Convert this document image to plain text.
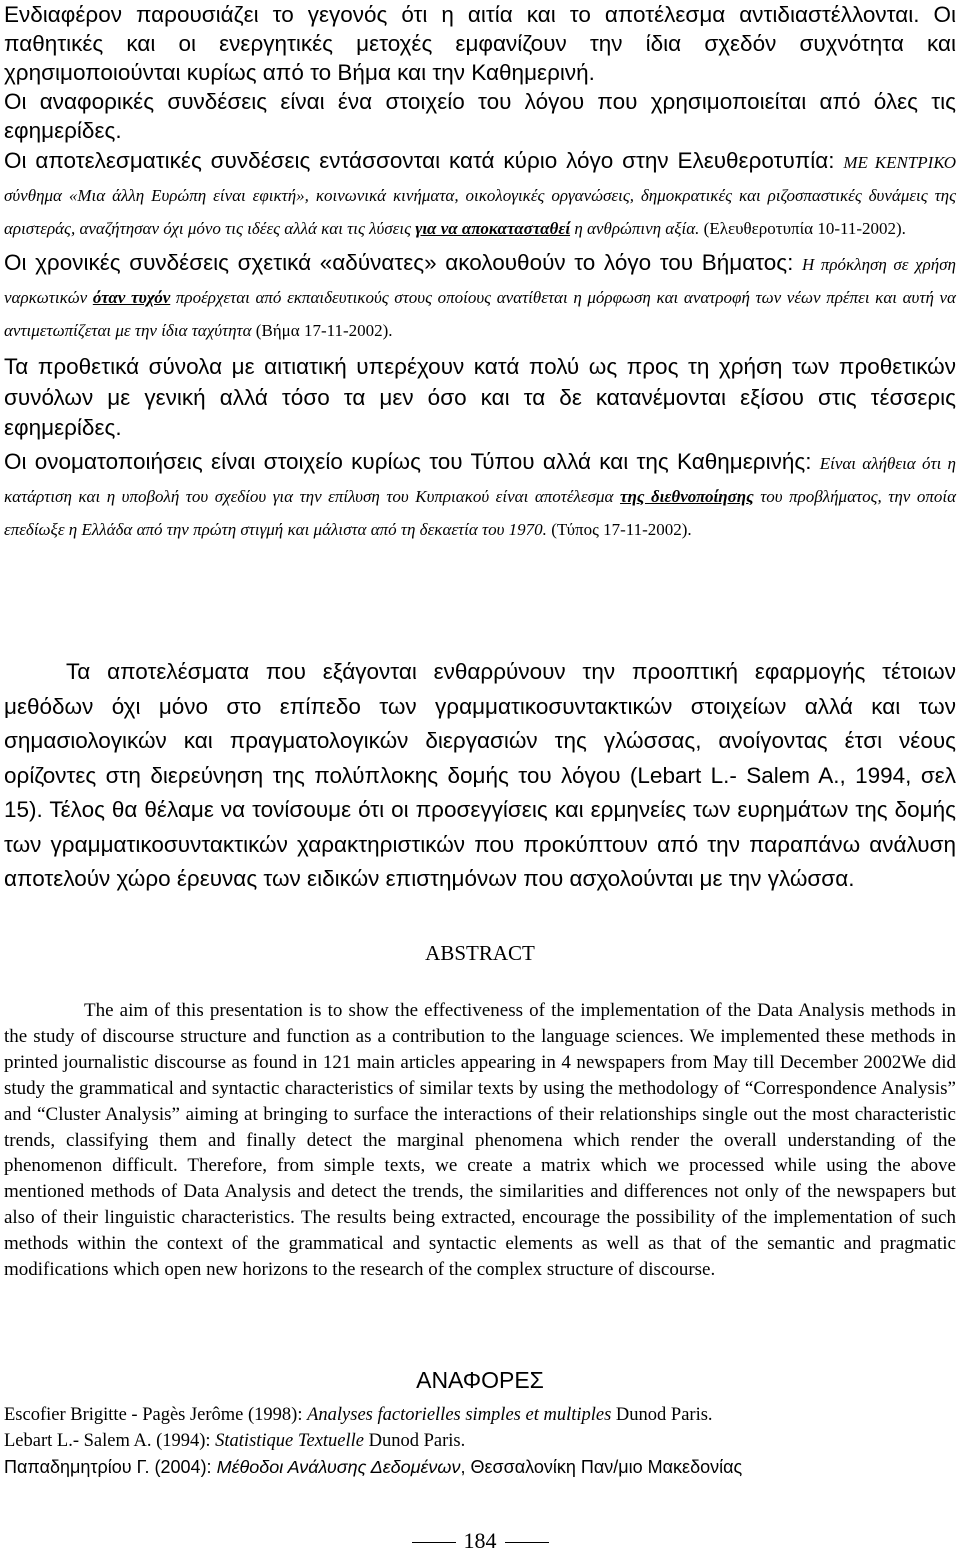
Ενδιαφέρον παρουσιάζει το γεγονός ότι η αιτία και το αποτέλεσμα αντιδιαστέλλονται. Οι παθητικές και οι ενεργητικές μετοχές εμφανίζουν την ίδια σχεδόν συχνότητα και χρησιμοποιούνται κυρίως από το Βήμα και την Καθημερινή.

Οι αναφορικές συνδέσεις είναι ένα στοιχείο του λόγου που χρησιμοποιείται από όλες τις εφημερίδες.

Οι αποτελεσματικές συνδέσεις εντάσσονται κατά κύριο λόγο στην Ελευθεροτυπία: ΜΕ ΚΕΝΤΡΙΚΟ σύνθημα «Μια άλλη Ευρώπη είναι εφικτή», κοινωνικά κινήματα, οικολογικές οργανώσεις, δημοκρατικές και ριζοσπαστικές δυνάμεις της αριστεράς, αναζήτησαν όχι μόνο τις ιδέες αλλά και τις λύσεις για να αποκατασταθεί η ανθρώπινη αξία. (Ελευθεροτυπία 10-11-2002).

Οι χρονικές συνδέσεις σχετικά «αδύνατες» ακολουθούν το λόγο του Βήματος: Η πρόκληση σε χρήση ναρκωτικών όταν τυχόν προέρχεται από εκπαιδευτικούς στους οποίους ανατίθεται η μόρφωση και ανατροφή των νέων πρέπει και αυτή να αντιμετωπίζεται με την ίδια ταχύτητα (Βήμα 17-11-2002).

Τα προθετικά σύνολα με αιτιατική υπερέχουν κατά πολύ ως προς τη χρήση των προθετικών συνόλων με γενική αλλά τόσο τα μεν όσο και τα δε κατανέμονται εξίσου στις τέσσερις εφημερίδες.

Οι ονοματοποιήσεις είναι στοιχείο κυρίως του Τύπου αλλά και της Καθημερινής: Είναι αλήθεια ότι η κατάρτιση και η υποβολή του σχεδίου για την επίλυση του Κυπριακού είναι αποτέλεσμα της διεθνοποίησης του προβλήματος, την οποία επεδίωξε η Ελλάδα από την πρώτη στιγμή και μάλιστα από τη δεκαετία του 1970. (Τύπος 17-11-2002).

Τα αποτελέσματα που εξάγονται ενθαρρύνουν την προοπτική εφαρμογής τέτοιων μεθόδων όχι μόνο στο επίπεδο των γραμματικοσυντακτικών στοιχείων αλλά και των σημασιολογικών και πραγματολογικών διεργασιών της γλώσσας, ανοίγοντας έτσι νέους ορίζοντες στη διερεύνηση της πολύπλοκης δομής του λόγου (Lebart L.- Salem A., 1994, σελ 15). Τέλος θα θέλαμε να τονίσουμε ότι οι προσεγγίσεις και ερμηνείες των ευρημάτων της δομής των γραμματικοσυντακτικών χαρακτηριστικών που προκύπτουν από την παραπάνω ανάλυση αποτελούν χώρο έρευνας των ειδικών επιστημόνων που ασχολούνται με την γλώσσα.

ABSTRACT

The aim of this presentation is to show the effectiveness of the implementation of the Data Analysis methods in the study of discourse structure and function as a contribution to the language sciences. We implemented these methods in printed journalistic discourse as found in 121 main articles appearing in 4 newspapers from May till December 2002We did study the grammatical and syntactic characteristics of similar texts by using the methodology of “Correspondence Analysis” and “Cluster Analysis” aiming at bringing to surface the interactions of their relationships single out the most characteristic trends, classifying them and finally detect the marginal phenomena which render the overall understanding of the phenomenon difficult. Therefore, from simple texts, we create a matrix which we processed while using the above mentioned methods of Data Analysis and detect the trends, the similarities and differences not only of the newspapers but also of their linguistic characteristics. The results being extracted, encourage the possibility of the implementation of such methods within the context of the grammatical and syntactic elements as well as that of the semantic and pragmatic modifications which open new horizons to the research of the complex structure of discourse.

ΑΝΑΦΟΡΕΣ

Escofier Brigitte - Pagès Jerôme (1998): Analyses factorielles simples et multiples Dunod Paris.

Lebart L.- Salem A. (1994): Statistique Textuelle Dunod Paris.

Παπαδημητρίου Γ. (2004): Μέθοδοι Ανάλυσης Δεδομένων, Θεσσαλονίκη Παν/μιο Μακεδονίας

184
